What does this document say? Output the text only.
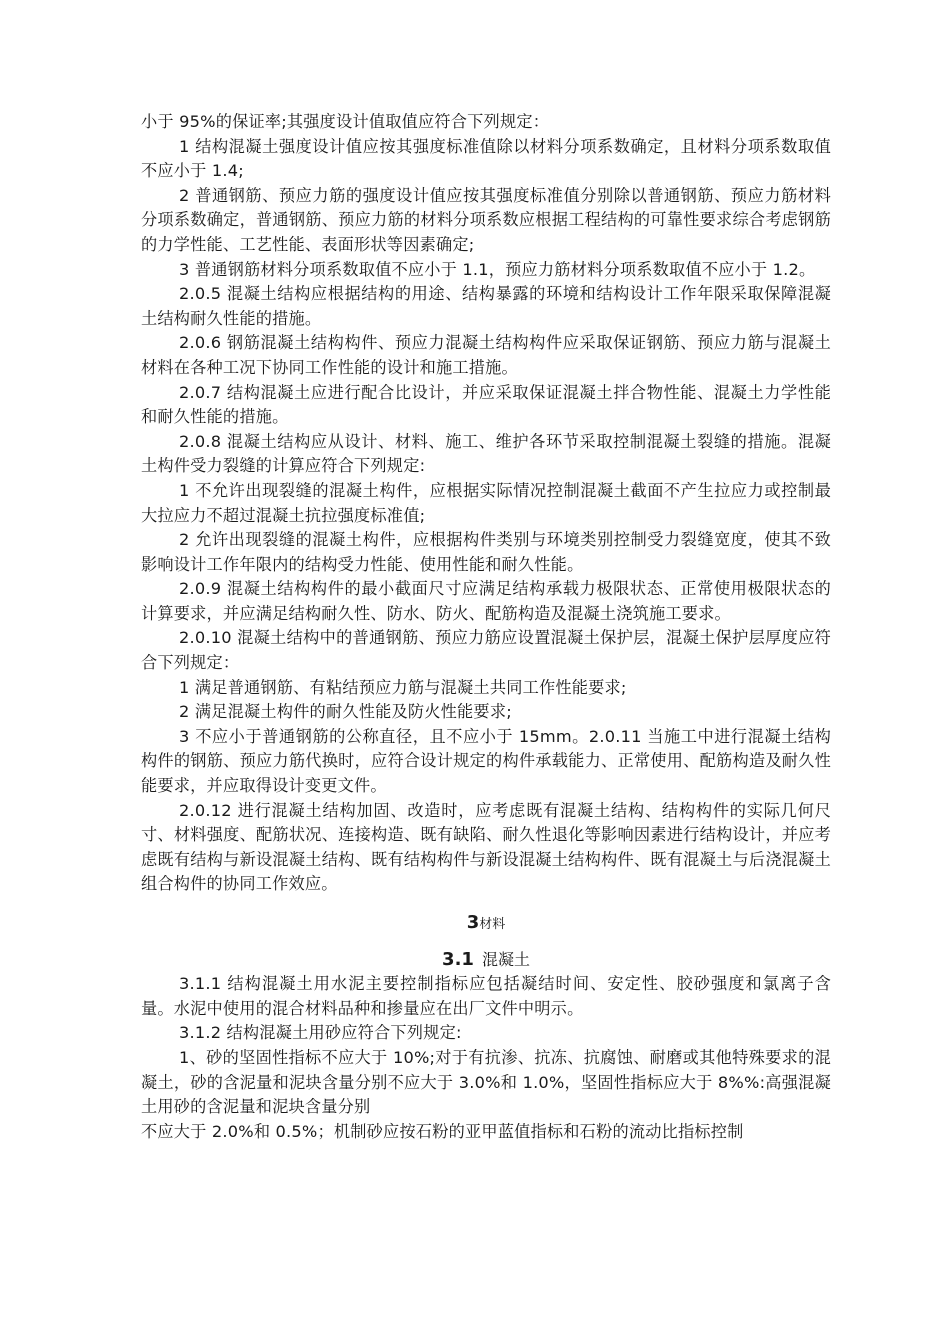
小于 95%的保证率;其强度设计值取值应符合下列规定：

1 结构混凝土强度设计值应按其强度标准值除以材料分项系数确定，且材料分项系数取值不应小于 1.4;

2 普通钢筋、预应力筋的强度设计值应按其强度标准值分别除以普通钢筋、预应力筋材料分项系数确定，普通钢筋、预应力筋的材料分项系数应根据工程结构的可靠性要求综合考虑钢筋的力学性能、工艺性能、表面形状等因素确定;

3 普通钢筋材料分项系数取值不应小于 1.1，预应力筋材料分项系数取值不应小于 1.2。

2.0.5 混凝土结构应根据结构的用途、结构暴露的环境和结构设计工作年限采取保障混凝土结构耐久性能的措施。

2.0.6 钢筋混凝土结构构件、预应力混凝土结构构件应采取保证钢筋、预应力筋与混凝土材料在各种工况下协同工作性能的设计和施工措施。

2.0.7 结构混凝土应进行配合比设计，并应采取保证混凝土拌合物性能、混凝土力学性能和耐久性能的措施。

2.0.8 混凝土结构应从设计、材料、施工、维护各环节采取控制混凝土裂缝的措施。混凝土构件受力裂缝的计算应符合下列规定:

1 不允许出现裂缝的混凝土构件，应根据实际情况控制混凝土截面不产生拉应力或控制最大拉应力不超过混凝土抗拉强度标准值;

2 允许出现裂缝的混凝土构件，应根据构件类别与环境类别控制受力裂缝宽度，使其不致影响设计工作年限内的结构受力性能、使用性能和耐久性能。

2.0.9 混凝土结构构件的最小截面尺寸应满足结构承载力极限状态、正常使用极限状态的计算要求，并应满足结构耐久性、防水、防火、配筋构造及混凝土浇筑施工要求。

2.0.10 混凝土结构中的普通钢筋、预应力筋应设置混凝土保护层，混凝土保护层厚度应符合下列规定：

1 满足普通钢筋、有粘结预应力筋与混凝土共同工作性能要求;

2 满足混凝土构件的耐久性能及防火性能要求;

3 不应小于普通钢筋的公称直径，且不应小于 15mm。2.0.11 当施工中进行混凝土结构构件的钢筋、预应力筋代换时，应符合设计规定的构件承载能力、正常使用、配筋构造及耐久性能要求，并应取得设计变更文件。

2.0.12 进行混凝土结构加固、改造时，应考虑既有混凝土结构、结构构件的实际几何尺寸、材料强度、配筋状况、连接构造、既有缺陷、耐久性退化等影响因素进行结构设计，并应考虑既有结构与新设混凝土结构、既有结构构件与新设混凝土结构构件、既有混凝土与后浇混凝土组合构件的协同工作效应。

3材料

3.1 混凝土

3.1.1 结构混凝土用水泥主要控制指标应包括凝结时间、安定性、胶砂强度和氯离子含量。水泥中使用的混合材料品种和掺量应在出厂文件中明示。

3.1.2 结构混凝土用砂应符合下列规定:

1、砂的坚固性指标不应大于 10%;对于有抗渗、抗冻、抗腐蚀、耐磨或其他特殊要求的混凝土，砂的含泥量和泥块含量分别不应大于 3.0%和 1.0%，坚固性指标应大于 8%%:高强混凝土用砂的含泥量和泥块含量分别

不应大于 2.0%和 0.5%；机制砂应按石粉的亚甲蓝值指标和石粉的流动比指标控制
